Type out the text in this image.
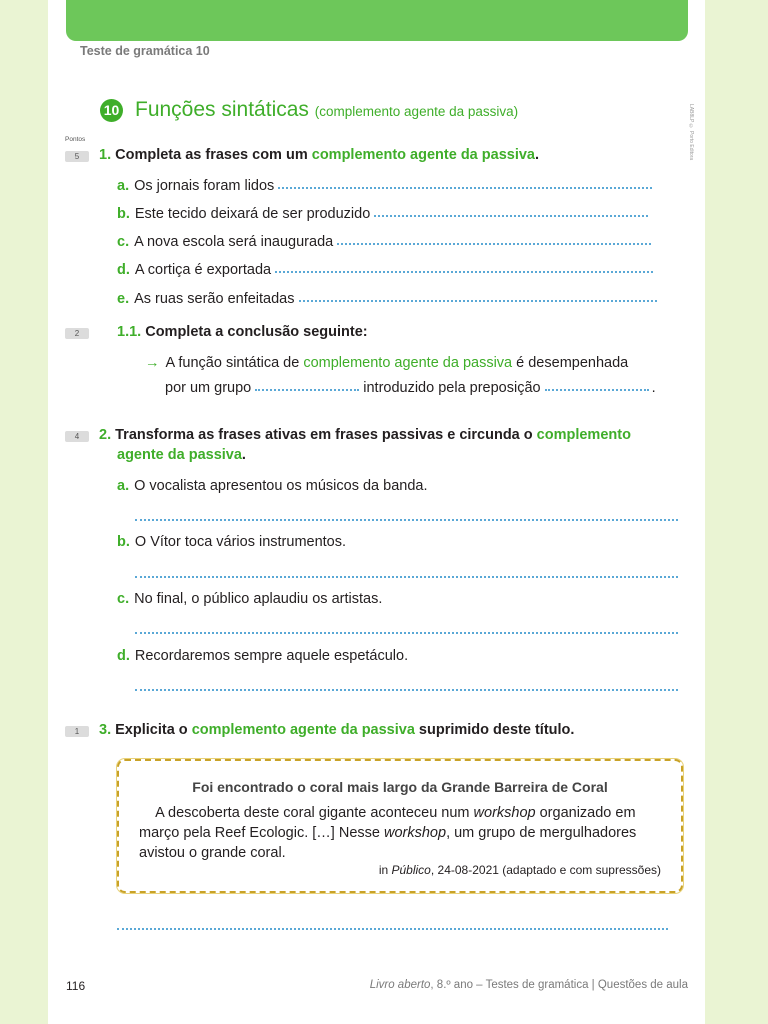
Teste de gramática 10
LAB8LP © Porto Editora
10 Funções sintáticas (complemento agente da passiva)
Pontos
5	1. Completa as frases com um complemento agente da passiva.
a. Os jornais foram lidos
b. Este tecido deixará de ser produzido
c. A nova escola será inaugurada
d. A cortiça é exportada
e. As ruas serão enfeitadas
2	1.1. Completa a conclusão seguinte:
→ A função sintática de complemento agente da passiva é desempenhada
por um grupo	introduzido pela preposição	.
4	2. Transforma as frases ativas em frases passivas e circunda o complemento
agente da passiva.
a. O vocalista apresentou os músicos da banda.
b. O Vítor toca vários instrumentos.
c. No final, o público aplaudiu os artistas.
d. Recordaremos sempre aquele espetáculo.
1	3. Explicita o complemento agente da passiva suprimido deste título.
Foi encontrado o coral mais largo da Grande Barreira de Coral
A descoberta deste coral gigante aconteceu num workshop organizado em março pela Reef Ecologic. […] Nesse workshop, um grupo de mergulhadores avistou o grande coral.
in Público, 24-08-2021 (adaptado e com supressões)
116	Livro aberto, 8.º ano – Testes de gramática | Questões de aula
